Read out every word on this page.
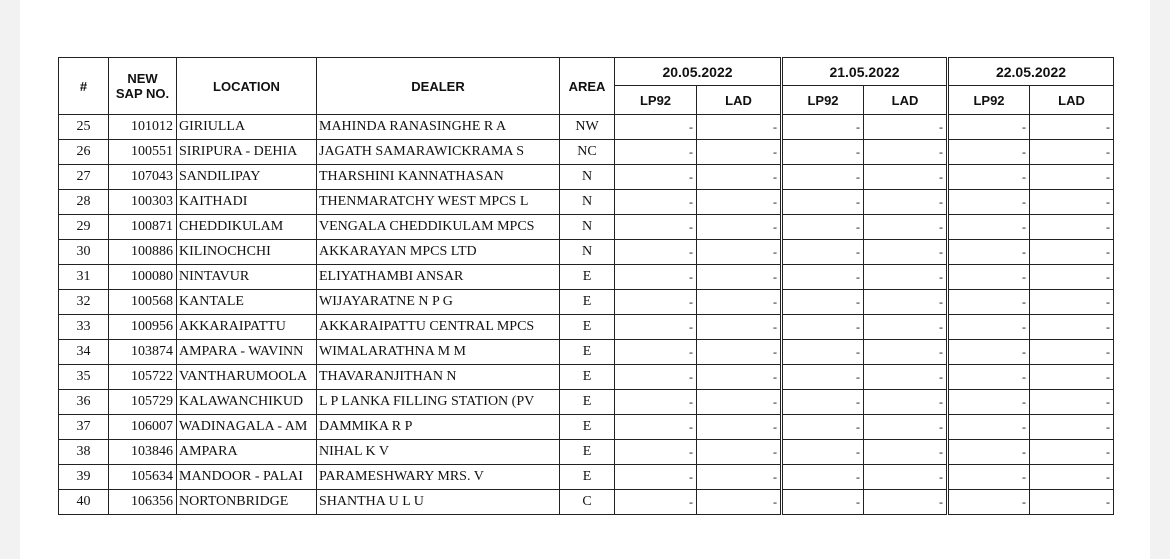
#	NEW
SAP NO.	LOCATION	DEALER	AREA	20.05.2022		21.05.2022		22.05.2022	
					LP92	LAD	LP92	LAD	LP92	LAD
25	101012	GIRIULLA	MAHINDA RANASINGHE R A	NW	-	-	-	-	-	-
26	100551	SIRIPURA - DEHIA	JAGATH SAMARAWICKRAMA S	NC	-	-	-	-	-	-
27	107043	SANDILIPAY	THARSHINI KANNATHASAN	N	-	-	-	-	-	-
28	100303	KAITHADI	THENMARATCHY WEST MPCS L	N	-	-	-	-	-	-
29	100871	CHEDDIKULAM	VENGALA CHEDDIKULAM MPCS	N	-	-	-	-	-	-
30	100886	KILINOCHCHI	AKKARAYAN MPCS LTD	N	-	-	-	-	-	-
31	100080	NINTAVUR	ELIYATHAMBI ANSAR	E	-	-	-	-	-	-
32	100568	KANTALE	WIJAYARATNE N P G	E	-	-	-	-	-	-
33	100956	AKKARAIPATTU	AKKARAIPATTU CENTRAL MPCS	E	-	-	-	-	-	-
34	103874	AMPARA - WAVINN	WIMALARATHNA M M	E	-	-	-	-	-	-
35	105722	VANTHARUMOOLA	THAVARANJITHAN N	E	-	-	-	-	-	-
36	105729	KALAWANCHIKUD	L P LANKA FILLING STATION (PV	E	-	-	-	-	-	-
37	106007	WADINAGALA - AM	DAMMIKA R P	E	-	-	-	-	-	-
38	103846	AMPARA	NIHAL K V	E	-	-	-	-	-	-
39	105634	MANDOOR - PALAI	PARAMESHWARY MRS. V	E	-	-	-	-	-	-
40	106356	NORTONBRIDGE	SHANTHA U L U	C	-	-	-	-	-	-
